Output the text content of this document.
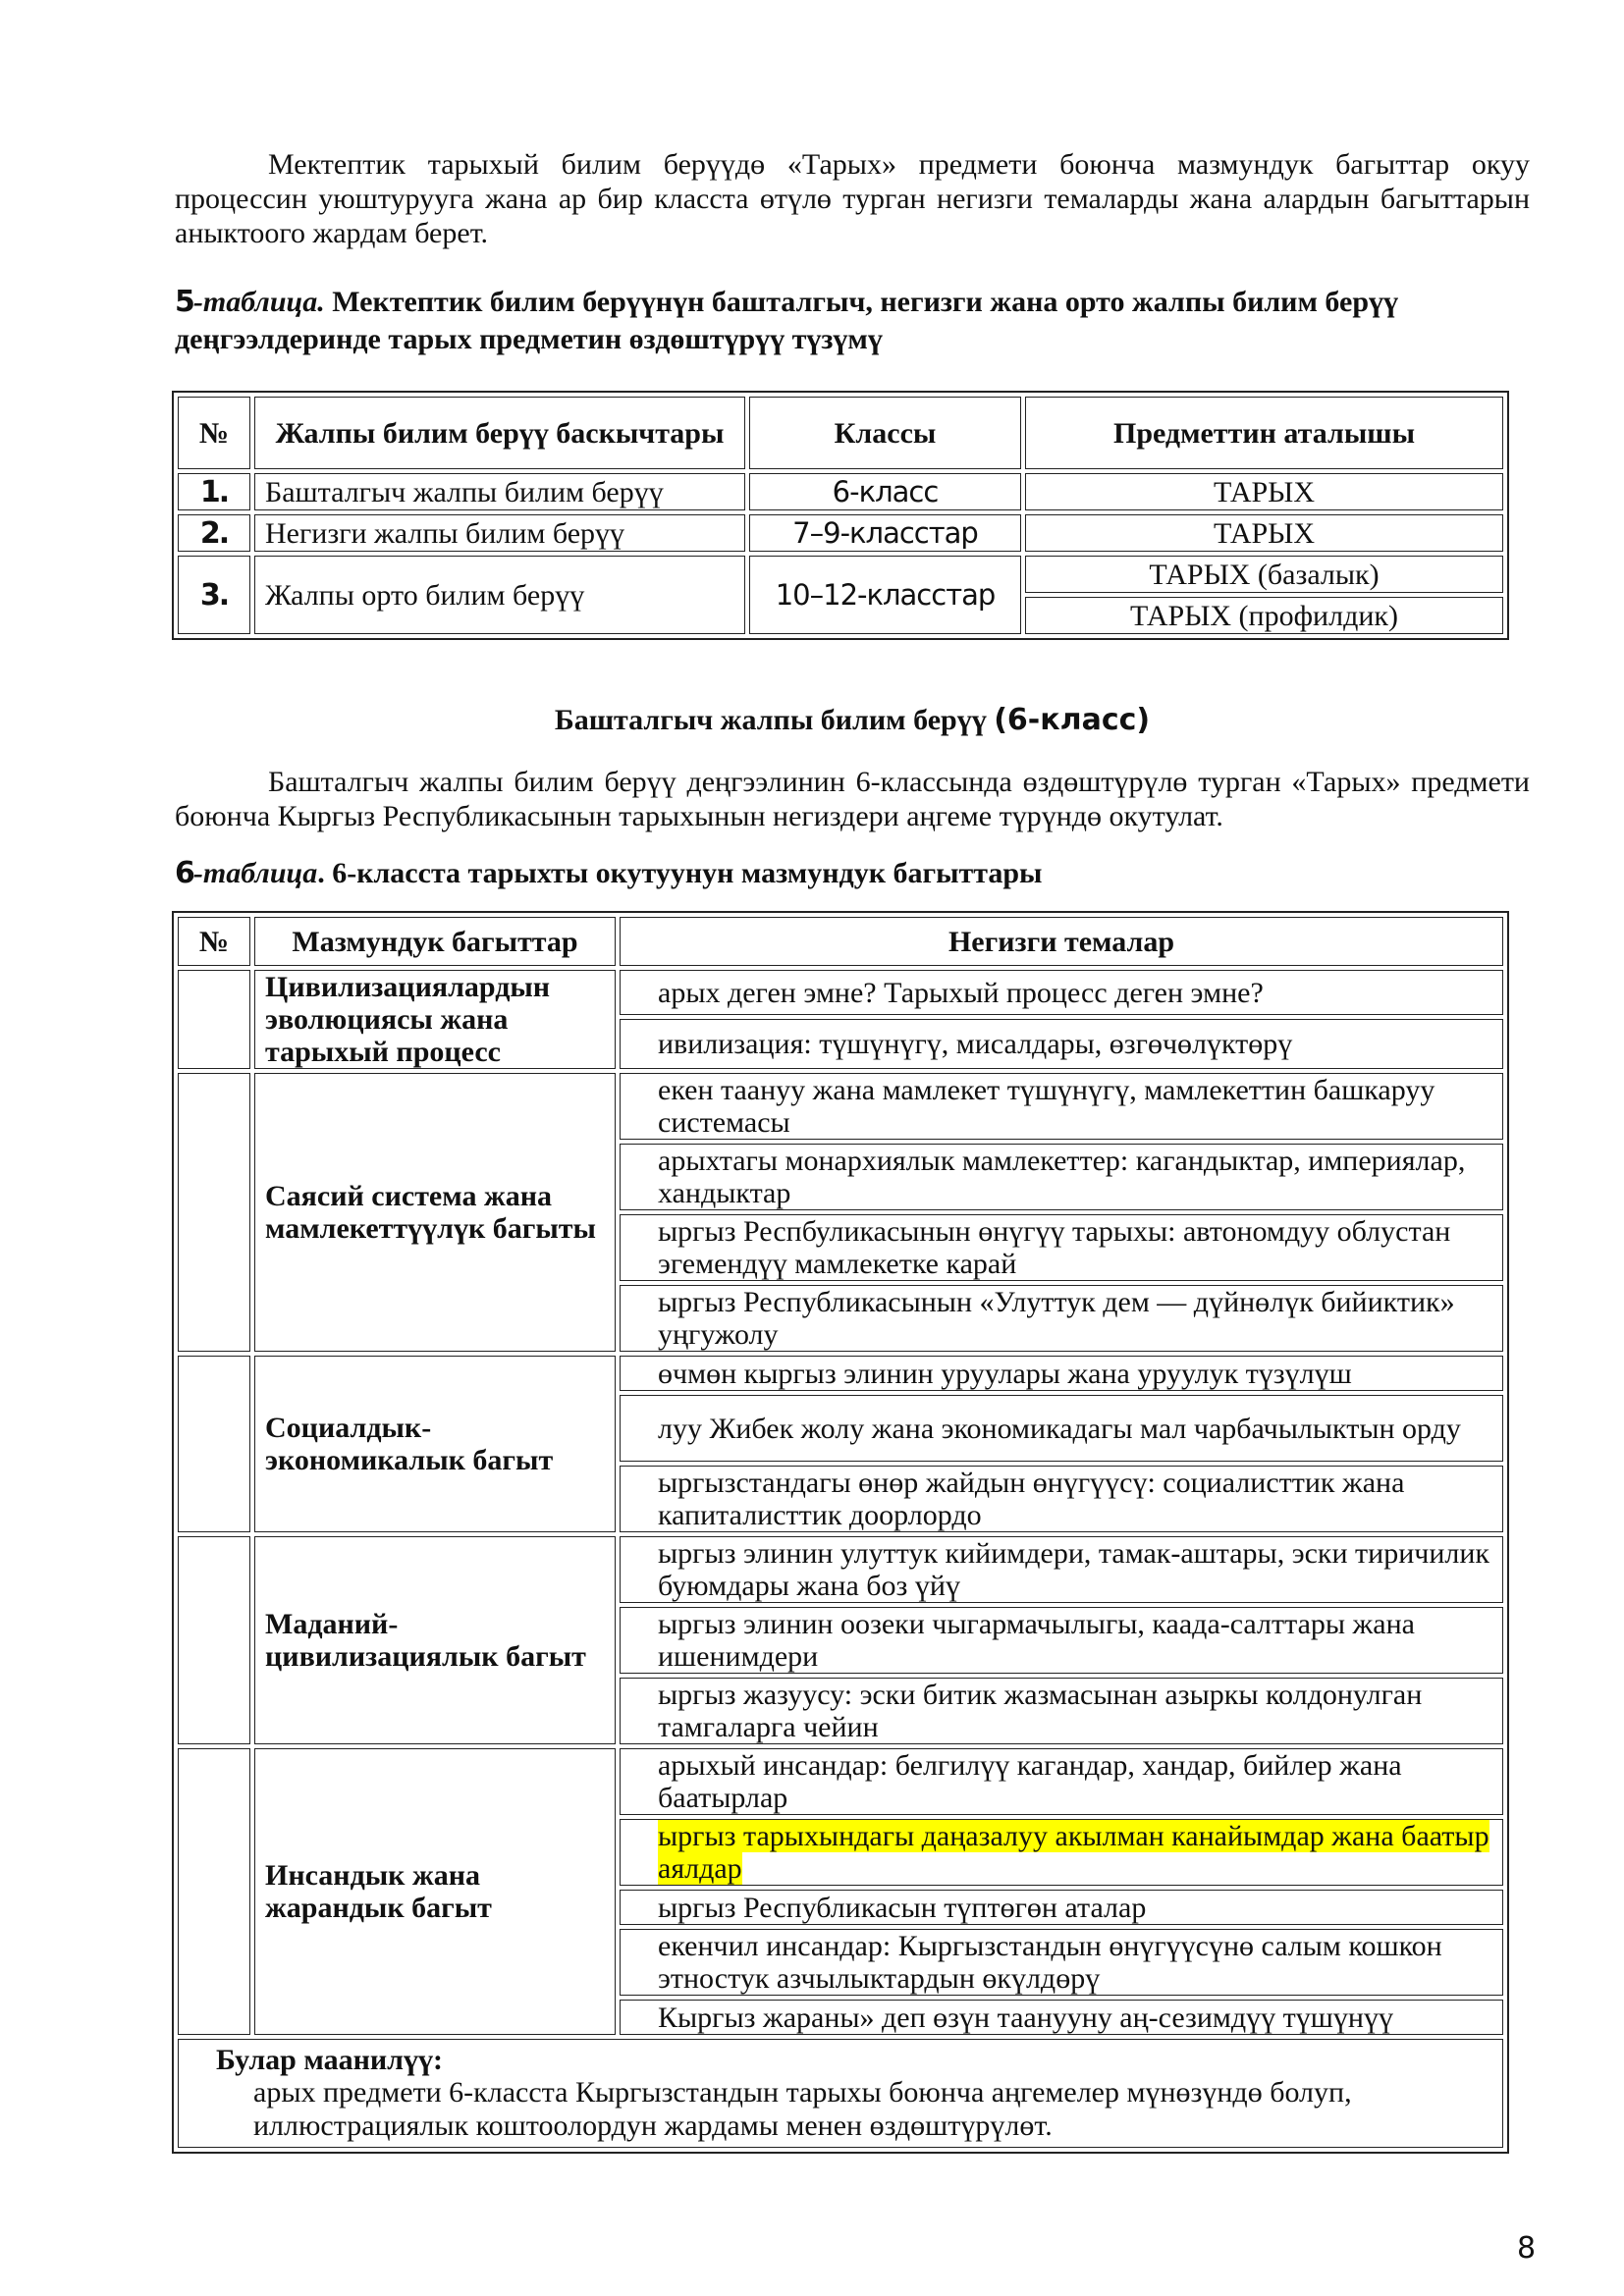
Мектептик тарыхый билим берүүдө «Тарых» предмети боюнча мазмундук багыттар окуу процессин уюштурууга жана ар бир класста өтүлө турган негизги темаларды жана алардын багыттарын аныктоого жардам берет.

5-таблица. Мектептик билим берүүнүн башталгыч, негизги жана орто жалпы билим берүү деңгээлдеринде тарых предметин өздөштүрүү түзүмү

№	Жалпы билим берүү баскычтары	Классы	Предметтин аталышы
1.	Башталгыч жалпы билим берүү	6-класс	ТАРЫХ
2.	Негизги жалпы билим берүү	7–9-класстар	ТАРЫХ
3.	Жалпы орто билим берүү	10–12-класстар	ТАРЫХ (базалык)
			ТАРЫХ (профилдик)

Башталгыч жалпы билим берүү (6-класс)

Башталгыч жалпы билим берүү деңгээлинин 6-классында өздөштүрүлө турган «Тарых» предмети боюнча Кыргыз Республикасынын тарыхынын негиздери аңгеме түрүндө окутулат.

6-таблица. 6-класста тарыхты окутуунун мазмундук багыттары

№	Мазмундук багыттар	Негизги темалар
	Цивилизациялардын эволюциясы жана тарыхый процесс	арых деген эмне? Тарыхый процесс деген эмне?
		ивилизация: түшүнүгү, мисалдары, өзгөчөлүктөрү
	Саясий система жана мамлекеттүүлүк багыты	екен таануу жана мамлекет түшүнүгү, мамлекеттин башкаруу системасы
		арыхтагы монархиялык мамлекеттер: кагандыктар, империялар, хандыктар
		ыргыз Респбуликасынын өнүгүү тарыхы: автономдуу облустан эгемендүү мамлекетке карай
		ыргыз Республикасынын «Улуттук дем — дүйнөлүк бийиктик» уңгужолу
	Социалдык-экономикалык багыт	өчмөн кыргыз элинин уруулары жана уруулук түзүлүш
		луу Жибек жолу жана экономикадагы мал чарбачылыктын орду
		ыргызстандагы өнөр жайдын өнүгүүсү: социалисттик жана капиталисттик доорлордо
	Маданий-цивилизациялык багыт	ыргыз элинин улуттук кийимдери, тамак-аштары, эски тиричилик буюмдары жана боз үйү
		ыргыз элинин оозеки чыгармачылыгы, каада-салттары жана ишенимдери
		ыргыз жазуусу: эски битик жазмасынан азыркы колдонулган тамгаларга чейин
	Инсандык жана жарандык багыт	арыхый инсандар: белгилүү кагандар, хандар, бийлер жана баатырлар
		ыргыз тарыхындагы даңазалуу акылман канайымдар жана баатыр аялдар
		ыргыз Республикасын түптөгөн аталар
		екенчил инсандар: Кыргызстандын өнүгүүсүнө салым кошкон этностук азчылыктардын өкүлдөрү
		Кыргыз жараны» деп өзүн таанууну аң-сезимдүү түшүнүү

Булар маанилүү:
арых предмети 6-класста Кыргызстандын тарыхы боюнча аңгемелер мүнөзүндө болуп, иллюстрациялык коштоолордун жардамы менен өздөштүрүлөт.		
8
